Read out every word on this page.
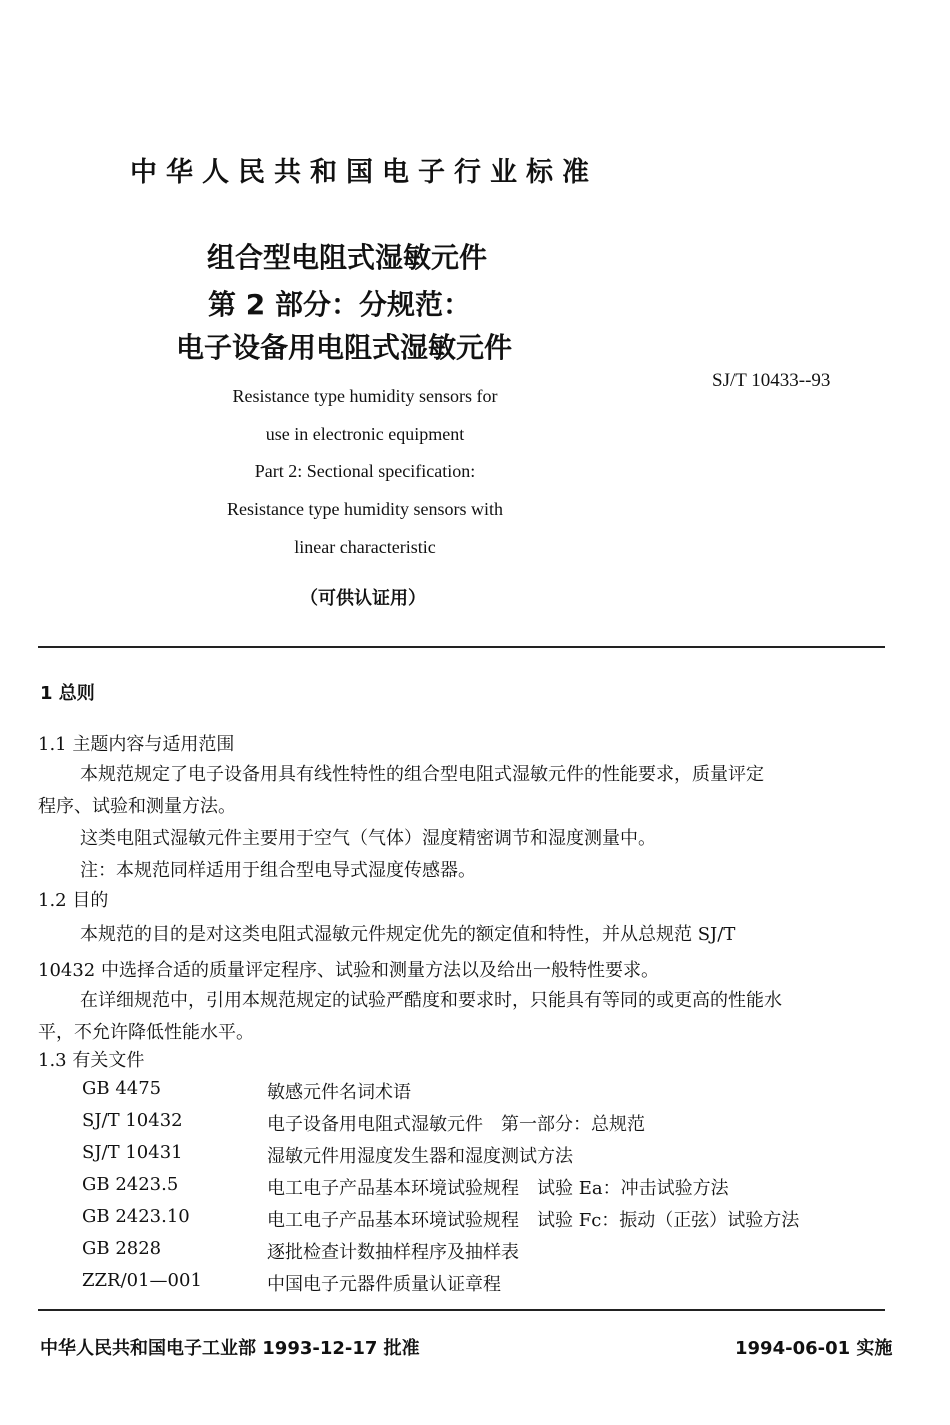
中华人民共和国电子行业标准
组合型电阻式湿敏元件
第 2 部分：分规范：
电子设备用电阻式湿敏元件
SJ/T 10433--93
Resistance type humidity sensors for
use in electronic equipment
Part 2: Sectional specification:
Resistance type humidity sensors with
linear characteristic
（可供认证用）
1 总则
1.1 主题内容与适用范围
本规范规定了电子设备用具有线性特性的组合型电阻式湿敏元件的性能要求，质量评定
程序、试验和测量方法。
这类电阻式湿敏元件主要用于空气（气体）湿度精密调节和湿度测量中。
注：本规范同样适用于组合型电导式湿度传感器。
1.2 目的
本规范的目的是对这类电阻式湿敏元件规定优先的额定值和特性，并从总规范 SJ/T
10432 中选择合适的质量评定程序、试验和测量方法以及给出一般特性要求。
在详细规范中，引用本规范规定的试验严酷度和要求时，只能具有等同的或更高的性能水
平，不允许降低性能水平。
1.3 有关文件
GB 4475	敏感元件名词术语
SJ/T 10432	电子设备用电阻式湿敏元件　第一部分：总规范
SJ/T 10431	湿敏元件用湿度发生器和湿度测试方法
GB 2423.5	电工电子产品基本环境试验规程　试验 Ea：冲击试验方法
GB 2423.10	电工电子产品基本环境试验规程　试验 Fc：振动（正弦）试验方法
GB 2828	逐批检查计数抽样程序及抽样表
ZZR/01—001	中国电子元器件质量认证章程
中华人民共和国电子工业部 1993-12-17 批准	1994-06-01 实施
